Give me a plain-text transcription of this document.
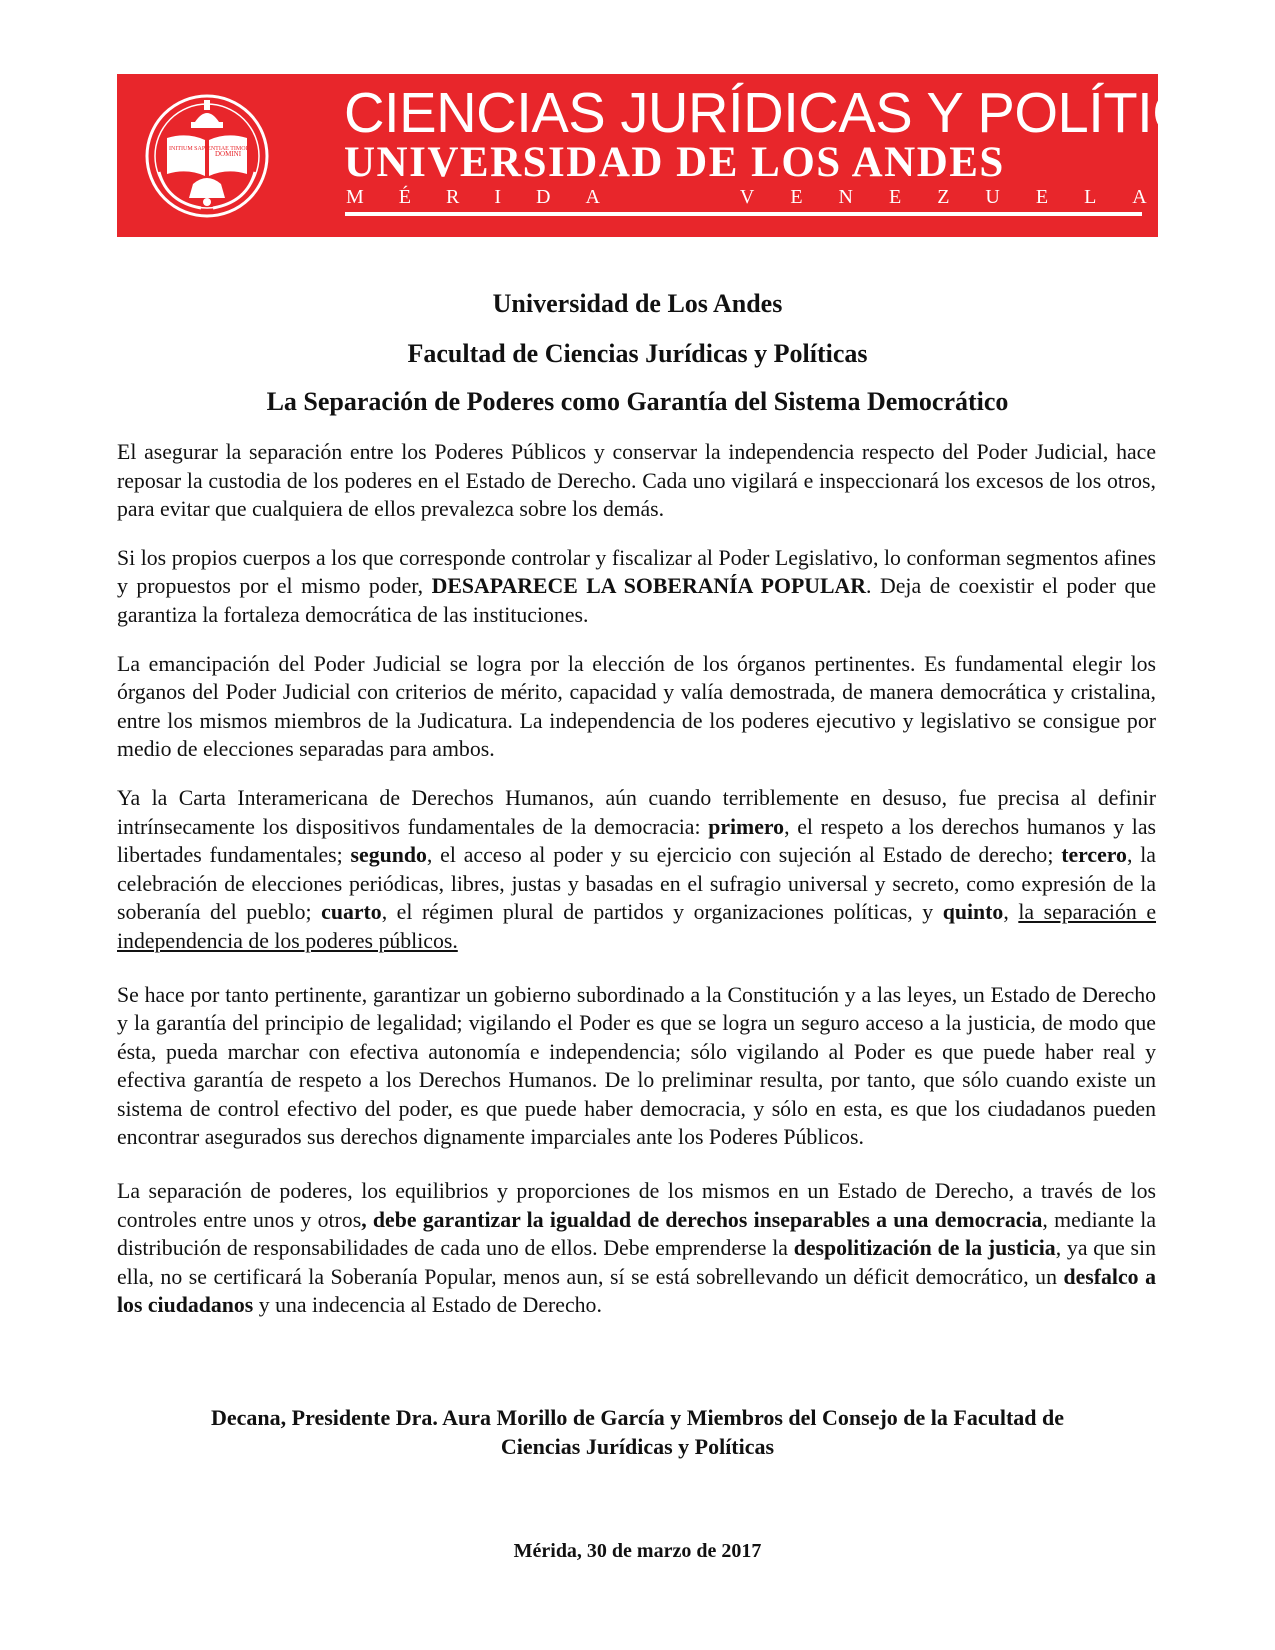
INITIUM SAPIENTIAE TIMOR
DOMINI
CIENCIAS JURÍDICAS Y POLÍTICAS
UNIVERSIDAD DE LOS ANDES
MÉRIDA	VENEZUELA
Universidad de Los Andes
Facultad de Ciencias Jurídicas y Políticas
La Separación de Poderes como Garantía del Sistema Democrático

El asegurar la separación entre los Poderes Públicos y conservar la independencia respecto del Poder Judicial, hace reposar la custodia de los poderes en el Estado de Derecho. Cada uno vigilará e inspeccionará los excesos de los otros, para evitar que cualquiera de ellos prevalezca sobre los demás.

Si los propios cuerpos a los que corresponde controlar y fiscalizar al Poder Legislativo, lo conforman segmentos afines y propuestos por el mismo poder, DESAPARECE LA SOBERANÍA POPULAR. Deja de coexistir el poder que garantiza la fortaleza democrática de las instituciones.

La emancipación del Poder Judicial se logra por la elección de los órganos pertinentes. Es fundamental elegir los órganos del Poder Judicial con criterios de mérito, capacidad y valía demostrada, de manera democrática y cristalina, entre los mismos miembros de la Judicatura. La independencia de los poderes ejecutivo y legislativo se consigue por medio de elecciones separadas para ambos.

Ya la Carta Interamericana de Derechos Humanos, aún cuando terriblemente en desuso, fue precisa al definir intrínsecamente los dispositivos fundamentales de la democracia: primero, el respeto a los derechos humanos y las libertades fundamentales; segundo, el acceso al poder y su ejercicio con sujeción al Estado de derecho; tercero, la celebración de elecciones periódicas, libres, justas y basadas en el sufragio universal y secreto, como expresión de la soberanía del pueblo; cuarto, el régimen plural de partidos y organizaciones políticas, y quinto, la separación e independencia de los poderes públicos.

Se hace por tanto pertinente, garantizar un gobierno subordinado a la Constitución y a las leyes, un Estado de Derecho y la garantía del principio de legalidad; vigilando el Poder es que se logra un seguro acceso a la justicia, de modo que ésta, pueda marchar con efectiva autonomía e independencia; sólo vigilando al Poder es que puede haber real y efectiva garantía de respeto a los Derechos Humanos. De lo preliminar resulta, por tanto, que sólo cuando existe un sistema de control efectivo del poder, es que puede haber democracia, y sólo en esta, es que los ciudadanos pueden encontrar asegurados sus derechos dignamente imparciales ante los Poderes Públicos.

La separación de poderes, los equilibrios y proporciones de los mismos en un Estado de Derecho, a través de los controles entre unos y otros, debe garantizar la igualdad de derechos inseparables a una democracia, mediante la distribución de responsabilidades de cada uno de ellos. Debe emprenderse la despolitización de la justicia, ya que sin ella, no se certificará la Soberanía Popular, menos aun, sí se está sobrellevando un déficit democrático, un desfalco a los ciudadanos y una indecencia al Estado de Derecho.

Decana, Presidente Dra. Aura Morillo de García y Miembros del Consejo de la Facultad de
Ciencias Jurídicas y Políticas
Mérida, 30 de marzo de 2017
